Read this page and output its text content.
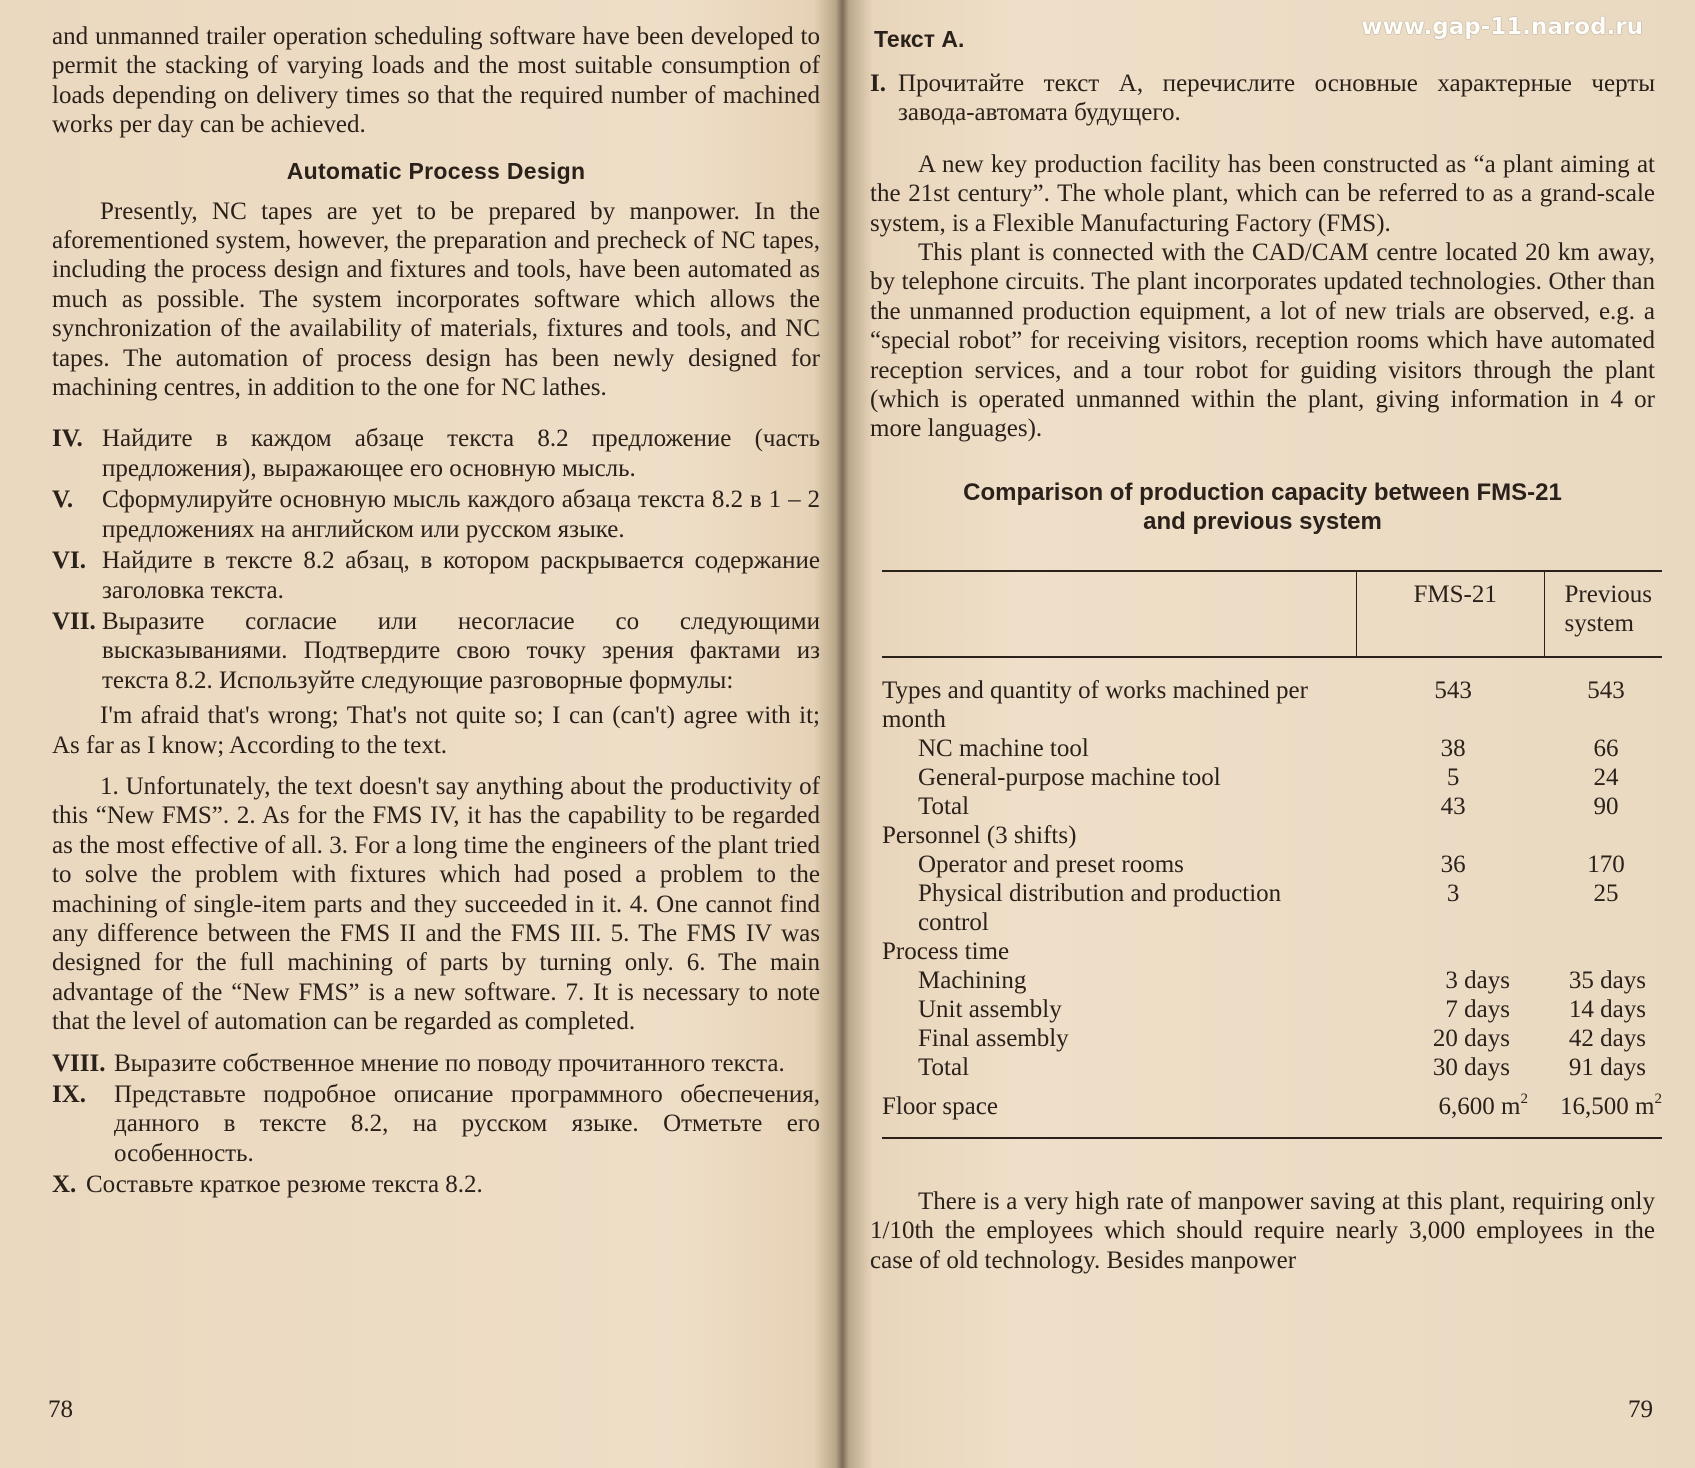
and unmanned trailer operation scheduling software have been developed to permit the stacking of varying loads and the most suitable consumption of loads depending on delivery times so that the required number of machined works per day can be achieved.

Automatic Process Design

Presently, NC tapes are yet to be prepared by manpower. In the aforementioned system, however, the preparation and precheck of NC tapes, including the process design and fixtures and tools, have been automated as much as possible. The system incorporates software which allows the synchronization of the availability of materials, fixtures and tools, and NC tapes. The automation of process design has been newly designed for machining centres, in addition to the one for NC lathes.

IV. Найдите в каждом абзаце текста 8.2 предложение (часть предложения), выражающее его основную мысль.
V.	Сформулируйте основную мысль каждого абзаца текста 8.2 в 1 – 2 предложениях на английском или русском языке.
VI. Найдите в тексте 8.2 абзац, в котором раскрывается содержание заголовка текста.
VII. Выразите согласие или несогласие со следующими высказываниями. Подтвердите свою точку зрения фактами из текста 8.2. Используйте следующие разговорные формулы:

I'm afraid that's wrong; That's not quite so; I can (can't) agree with it; As far as I know; According to the text.

1. Unfortunately, the text doesn't say anything about the productivity of this “New FMS”. 2. As for the FMS IV, it has the capability to be regarded as the most effective of all. 3. For a long time the engineers of the plant tried to solve the problem with fixtures which had posed a problem to the machining of single-item parts and they succeeded in it. 4. One cannot find any difference between the FMS II and the FMS III. 5. The FMS IV was designed for the full machining of parts by turning only. 6. The main advantage of the “New FMS” is a new software. 7. It is necessary to note that the level of automation can be regarded as completed.

VIII. Выразите собственное мнение по поводу прочитанного текста.
IX.	Представьте подробное описание программного обеспечения, данного в тексте 8.2, на русском языке. Отметьте его особенность.
X. Составьте краткое резюме текста 8.2.
78
www.gap-11.narod.ru
Текст А.
I. Прочитайте текст А, перечислите основные характерные черты завода-автомата будущего.

A new key production facility has been constructed as “a plant aiming at the 21st century”. The whole plant, which can be referred to as a grand-scale system, is a Flexible Manufacturing Factory (FMS).

This plant is connected with the CAD/CAM centre located 20 km away, by telephone circuits. The plant incorporates updated technologies. Other than the unmanned production equipment, a lot of new trials are observed, e.g. a “special robot” for receiving visitors, reception rooms which have automated reception services, and a tour robot for guiding visitors through the plant (which is operated unmanned within the plant, giving information in 4 or more languages).

Comparison of production capacity between FMS-21
and previous system
	FMS-21	Previous system
Types and quantity of works machined per month	543	543
NC machine tool	38	66
General-purpose machine tool	5	24
Total	43	90
Personnel (3 shifts)		
Operator and preset rooms	36	170
Physical distribution and production control	3	25
Process time		
Machining	3 days	35 days
Unit assembly	7 days	14 days
Final assembly	20 days	42 days
Total	30 days	91 days
Floor space	6,600 $m^2$	16,500 $m^2$

There is a very high rate of manpower saving at this plant, requiring only 1/10th the employees which should require nearly 3,000 employees in the case of old technology. Besides manpower

79
